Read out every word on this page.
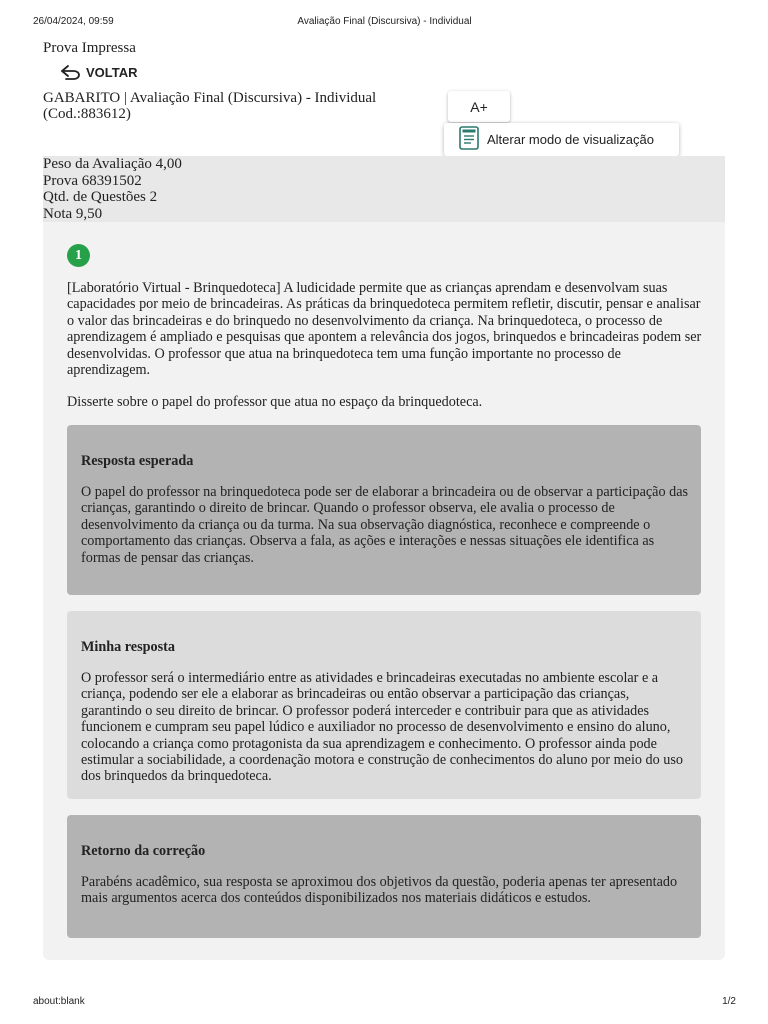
26/04/2024, 09:59	Avaliação Final (Discursiva) - Individual
Prova Impressa
VOLTAR
GABARITO | Avaliação Final (Discursiva) - Individual (Cod.:883612)	A+
Alterar modo de visualização
Peso da Avaliação 4,00
Prova 68391502
Qtd. de Questões 2
Nota 9,50
1
[Laboratório Virtual - Brinquedoteca] A ludicidade permite que as crianças aprendam e desenvolvam suas capacidades por meio de brincadeiras. As práticas da brinquedoteca permitem refletir, discutir, pensar e analisar o valor das brincadeiras e do brinquedo no desenvolvimento da criança. Na brinquedoteca, o processo de aprendizagem é ampliado e pesquisas que apontem a relevância dos jogos, brinquedos e brincadeiras podem ser desenvolvidas. O professor que atua na brinquedoteca tem uma função importante no processo de aprendizagem.
Disserte sobre o papel do professor que atua no espaço da brinquedoteca.
Resposta esperada
O papel do professor na brinquedoteca pode ser de elaborar a brincadeira ou de observar a participação das crianças, garantindo o direito de brincar. Quando o professor observa, ele avalia o processo de desenvolvimento da criança ou da turma. Na sua observação diagnóstica, reconhece e compreende o comportamento das crianças. Observa a fala, as ações e interações e nessas situações ele identifica as formas de pensar das crianças.
Minha resposta
O professor será o intermediário entre as atividades e brincadeiras executadas no ambiente escolar e a criança, podendo ser ele a elaborar as brincadeiras ou então observar a participação das crianças, garantindo o seu direito de brincar. O professor poderá interceder e contribuir para que as atividades funcionem e cumpram seu papel lúdico e auxiliador no processo de desenvolvimento e ensino do aluno, colocando a criança como protagonista da sua aprendizagem e conhecimento. O professor ainda pode estimular a sociabilidade, a coordenação motora e construção de conhecimentos do aluno por meio do uso dos brinquedos da brinquedoteca.
Retorno da correção
Parabéns acadêmico, sua resposta se aproximou dos objetivos da questão, poderia apenas ter apresentado mais argumentos acerca dos conteúdos disponibilizados nos materiais didáticos e estudos.
about:blank	1/2
